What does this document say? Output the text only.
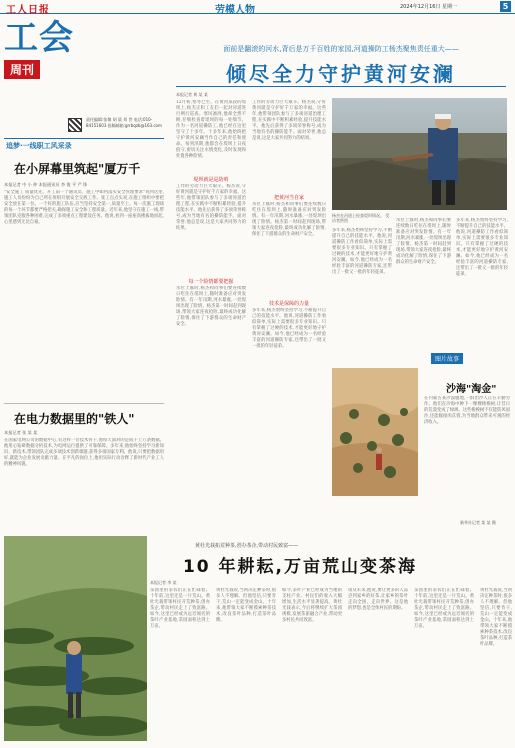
工人日报	劳模人物	2024年12月16日 星期一	5
工会
周刊
责任编辑:张黎 胡 晨 刘 世 电话:010-84151603 投稿邮箱:grrbqzb@163.com
追梦·一线职工风采录
在小屏幕里筑起"厦万千
本报记者 中 小 仲 本报通讯员 李 俊 平 严 锋
"安全施工 质量优先、开工前一个通讯员、施工中如何落实安全管理要求"说到这里,施工人员纷纷为自己所在班组开展安全交底工作。张工点点头说,在施工组织中要把安全放在第一位。一个好的施工队伍,应当坚持安全第一,质量至上。每一次施工现场的每一个环节都要严格把关,确保施工安全和工程质量。近年来,他坚守在施工一线,带领团队克服各种困难,完成了多项重点工程建设任务。他说,看到一座座高楼拔地而起,心里感到无比自豪。
在电力数据里的"铁人"
本报记者 张 某 某
在国家电网公司的数据中心,有这样一位技术骨干,他每天面对的是成千上万条数据。他用心钻研数据分析技术,为电网运行提供了可靠保障。多年来,他始终坚持学习新知识、新技术,带领团队完成多项技术创新课题,获得多项国家专利。他说,只要把数据用好,就能为企业发展贡献力量。在平凡的岗位上,他用实际行动诠释了新时代产业工人的精神风貌。
面前是翻滚的河水,背后是万千百姓的家园,河道操防工杨杰聚焦责任重大——
倾尽全力守护黄河安澜
本报记者 黄 某 某
12月初,寒冬已至。在黄河某段的堤坝上,杨杰正和工友们一起对河道进行例行巡查。寒风凛冽,他却全然不顾,仔细检查着堤坝的每一处细节。作为一名河道操防工,他已经在这里坚守了十多年。十多年来,他始终把守护黄河安澜当作自己的责任和使命。每到汛期,他都会在堤坝上日夜值守,密切关注水情变化,及时发现和处置各种险情。
堤坝就是巡防哨
工作的劳动力巨大艰辛。杨杰说,守好黄河就是守护好千万家的幸福。这些年,他带领团队参与了多项河道治理工程,在实践中不断积累经验,提升技能水平。他先后获得了多项荣誉称号,成为当地有名的操防能手。面对荣誉,他总是说,这是大家共同努力的结果。
每一个险情都要把握
水位上涨时,杨杰和同事们要连续数日吃住在堤坝上,随时准备应对突发险情。有一年汛期,河水暴涨,一处堤坝出现了险情。杨杰第一时间赶到现场,带领大家连夜抢险,最终成功化解了险情,保住了下游群众的生命财产安全。
工作的劳动力巨大艰辛。杨杰说,守好黄河就是守护好千万家的幸福。这些年,他带领团队参与了多项河道治理工程,在实践中不断积累经验,提升技能水平。他先后获得了多项荣誉称号,成为当地有名的操防能手。面对荣誉,他总是说,这是大家共同努力的结果。
把黄河当自家
水位上涨时,杨杰和同事们要连续数日吃住在堤坝上,随时准备应对突发险情。有一年汛期,河水暴涨,一处堤坝出现了险情。杨杰第一时间赶到现场,带领大家连夜抢险,最终成功化解了险情,保住了下游群众的生命财产安全。
技术是保障的力量
多年来,杨杰始终坚持学习,不断提升自己的技能水平。他说,河道操防工作看似简单,实际上需要很多专业知识。只有掌握了过硬的技术,才能更好地守护黄河安澜。如今,他已经成为一名经验丰富的河道操防专家,还带出了一批又一批的年轻徒弟。
杨杰在河道上检查堤坝情况。 受访者供图	水位上涨时,杨杰和同事们要连续数日吃住在堤坝上,随时准备应对突发险情。有一年汛期,河水暴涨,一处堤坝出现了险情。杨杰第一时间赶到现场,带领大家连夜抢险,最终成功化解了险情,保住了下游群众的生命财产安全。
多年来,杨杰始终坚持学习,不断提升自己的技能水平。他说,河道操防工作看似简单,实际上需要很多专业知识。只有掌握了过硬的技术,才能更好地守护黄河安澜。如今,他已经成为一名经验丰富的河道操防专家,还带出了一批又一批的年轻徒弟。
多年来,杨杰始终坚持学习,不断提升自己的技能水平。他说,河道操防工作看似简单,实际上需要很多专业知识。只有掌握了过硬的技术,才能更好地守护黄河安澜。如今,他已经成为一名经验丰富的河道操防专家,还带出了一批又一批的年轻徒弟。
图片故事
沙海"淘金"
在内蒙古某沙漠腹地,一群治沙人正在辛勤劳作。他们在沙海中种下一棵棵梭梭树,让昔日的荒漠变成了绿洲。这些梭梭树不仅能防风固沙,还能嫁接肉苁蓉,为当地群众带来可观的经济收入。
新华社记者 某 某 摄
黄杜光栽拓荒种茶,创办茶企,带动村民致富——
10 年耕耘,万亩荒山变茶海
本报记者 李 某
茶园里的茶农们正在忙碌着。十年前,这里还是一片荒山。黄杜光栽带领村民开荒种茶,创办茶企,带动村民走上了致富路。如今,这里已经成为远近闻名的茶叶产业基地,茶园面积达到上万亩。
黄杜光栽说,当初决定种茶时,很多人不理解。但他坚信,只要肯干,荒山一定能变成金山。十年来,他带领大家不断摸索种茶技术,改良茶叶品种,打造茶叶品牌。
如今,茶叶产业已经成为当地的支柱产业。村民们的收入大幅增加,生活水平显著提高。黄杜光栽表示,今后将继续扩大茶园规模,发展茶旅融合产业,带动更多村民共同致富。
谈及未来,他说,要让更多的人品尝到家乡的好茶,让家乡的茶叶走向全国、走向世界。这是他的梦想,也是全体村民的期盼。
茶园里的茶农们正在忙碌着。十年前,这里还是一片荒山。黄杜光栽带领村民开荒种茶,创办茶企,带动村民走上了致富路。如今,这里已经成为远近闻名的茶叶产业基地,茶园面积达到上万亩。
黄杜光栽说,当初决定种茶时,很多人不理解。但他坚信,只要肯干,荒山一定能变成金山。十年来,他带领大家不断摸索种茶技术,改良茶叶品种,打造茶叶品牌。
